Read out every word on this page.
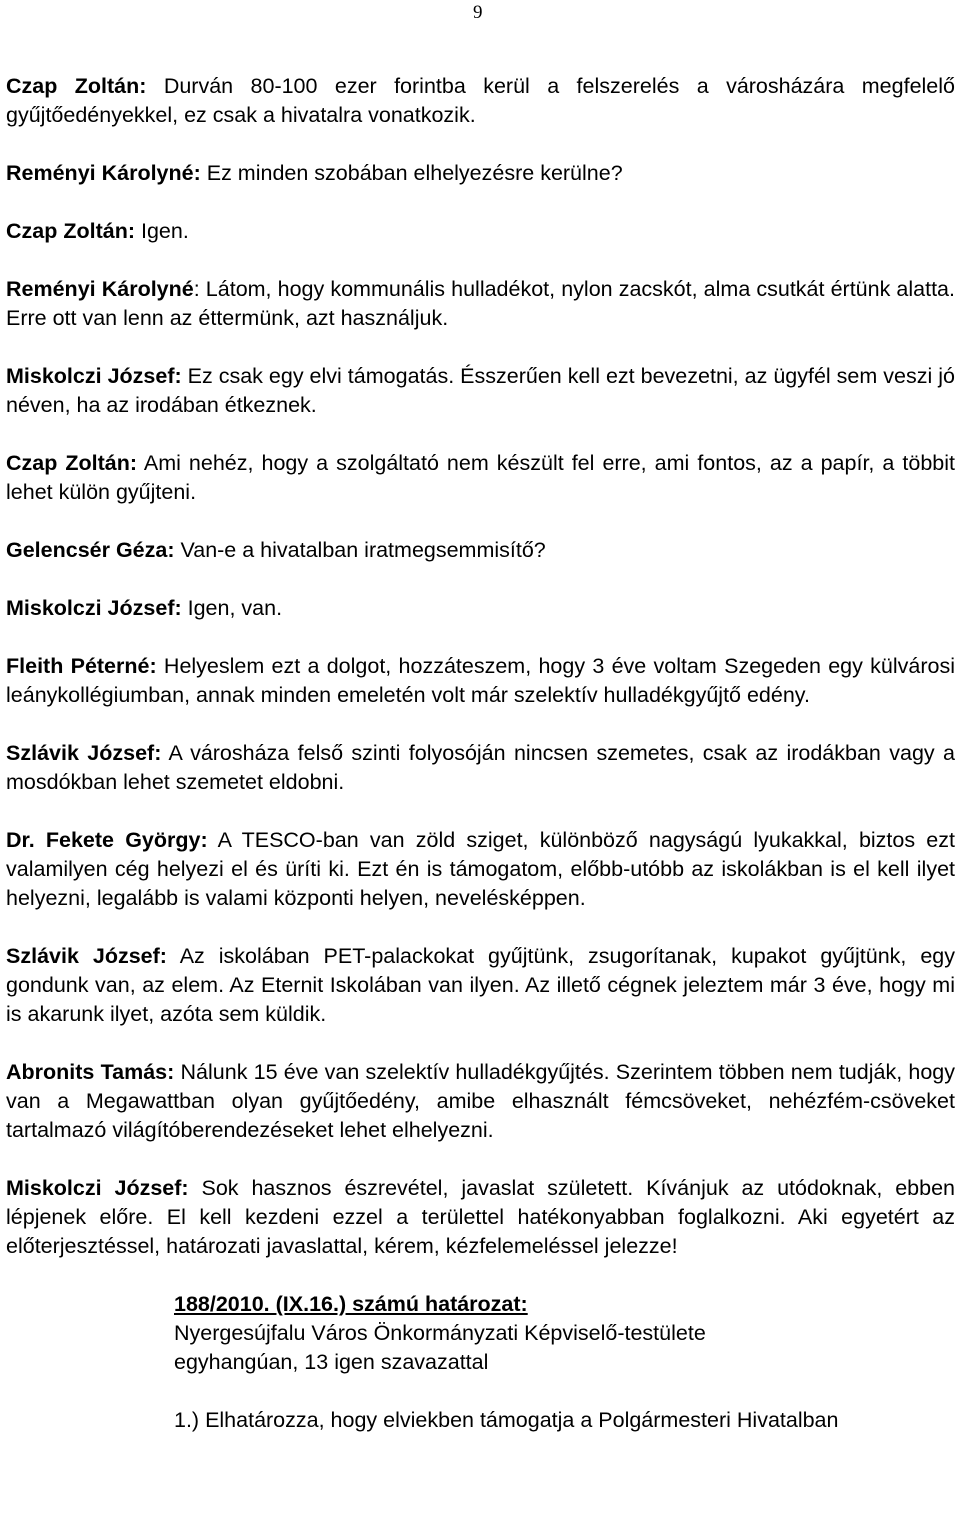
9

Czap Zoltán: Durván 80-100 ezer forintba kerül a felszerelés a városházára megfelelő gyűjtőedényekkel, ez csak a hivatalra vonatkozik.

Reményi Károlyné: Ez minden szobában elhelyezésre kerülne?

Czap Zoltán: Igen.

Reményi Károlyné: Látom, hogy kommunális hulladékot, nylon zacskót, alma csutkát értünk alatta. Erre ott van lenn az éttermünk, azt használjuk.

Miskolczi József: Ez csak egy elvi támogatás. Ésszerűen kell ezt bevezetni, az ügyfél sem veszi jó néven, ha az irodában étkeznek.

Czap Zoltán: Ami nehéz, hogy a szolgáltató nem készült fel erre, ami fontos, az a papír, a többit lehet külön gyűjteni.

Gelencsér Géza: Van-e a hivatalban iratmegsemmisítő?

Miskolczi József: Igen, van.

Fleith Péterné: Helyeslem ezt a dolgot, hozzáteszem, hogy 3 éve voltam Szegeden egy külvárosi leánykollégiumban, annak minden emeletén volt már szelektív hulladékgyűjtő edény.

Szlávik József: A városháza felső szinti folyosóján nincsen szemetes, csak az irodákban vagy a mosdókban lehet szemetet eldobni.

Dr. Fekete György: A TESCO-ban van zöld sziget, különböző nagyságú lyukakkal, biztos ezt valamilyen cég helyezi el és üríti ki. Ezt én is támogatom, előbb-utóbb az iskolákban is el kell ilyet helyezni, legalább is valami központi helyen, nevelésképpen.

Szlávik József: Az iskolában PET-palackokat gyűjtünk, zsugorítanak, kupakot gyűjtünk, egy gondunk van, az elem. Az Eternit Iskolában van ilyen. Az illető cégnek jeleztem már 3 éve, hogy mi is akarunk ilyet, azóta sem küldik.

Abronits Tamás: Nálunk 15 éve van szelektív hulladékgyűjtés. Szerintem többen nem tudják, hogy van a Megawattban olyan gyűjtőedény, amibe elhasznált fémcsöveket, nehézfém-csöveket tartalmazó világítóberendezéseket lehet elhelyezni.

Miskolczi József: Sok hasznos észrevétel, javaslat született. Kívánjuk az utódoknak, ebben lépjenek előre. El kell kezdeni ezzel a területtel hatékonyabban foglalkozni. Aki egyetért az előterjesztéssel, határozati javaslattal, kérem, kézfelemeléssel jelezze!

188/2010. (IX.16.) számú határozat:

Nyergesújfalu Város Önkormányzati Képviselő-testülete

egyhangúan, 13 igen szavazattal

1.) Elhatározza, hogy elviekben támogatja a Polgármesteri Hivatalban
